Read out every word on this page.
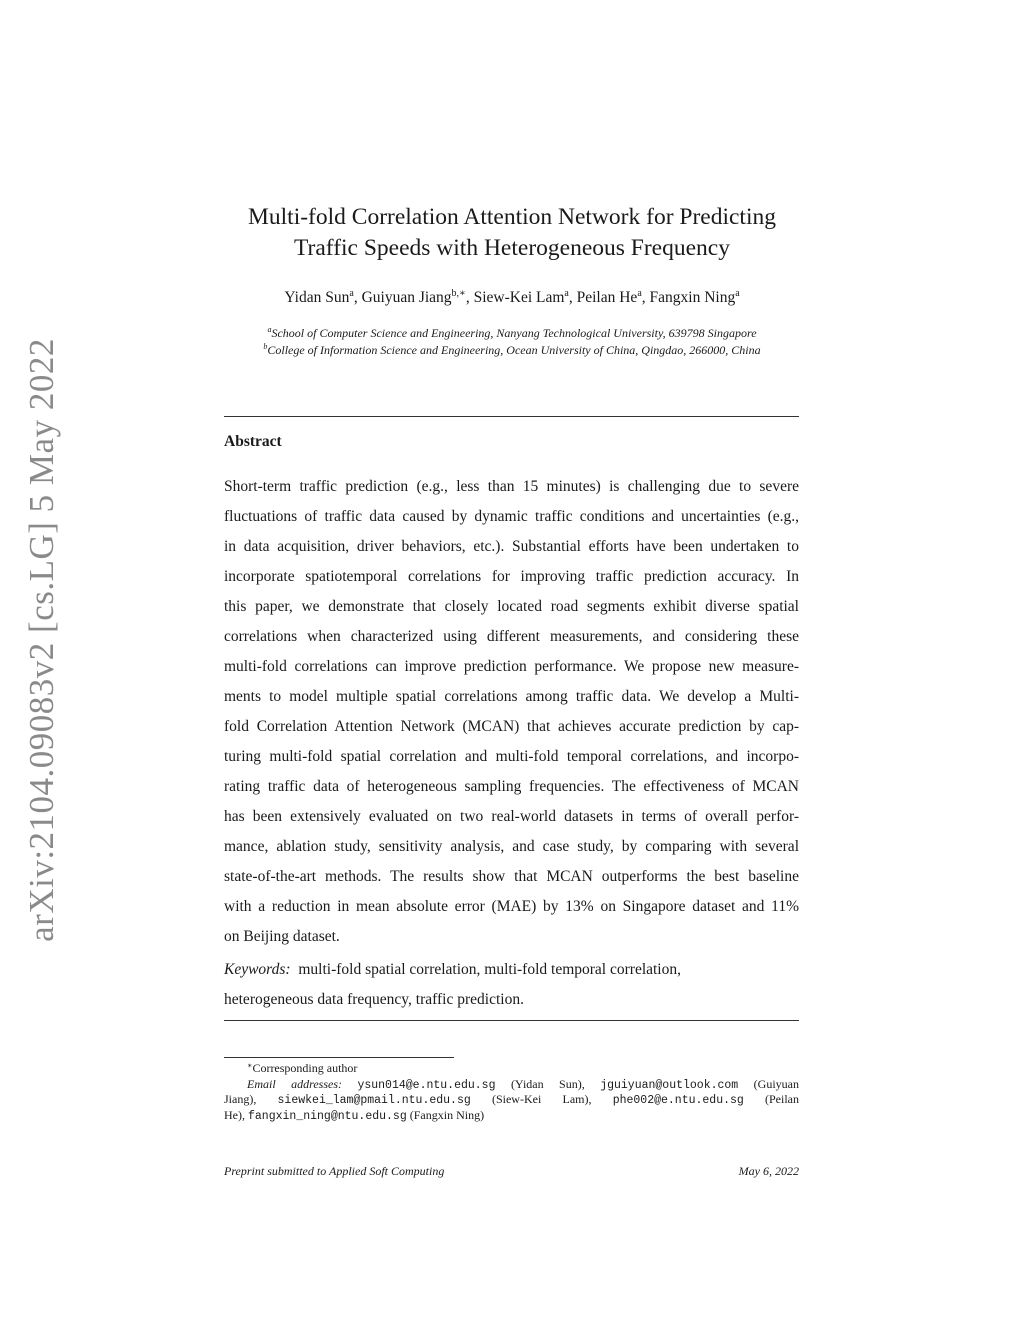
arXiv:2104.09083v2 [cs.LG] 5 May 2022
Multi-fold Correlation Attention Network for Predicting
Traffic Speeds with Heterogeneous Frequency
Yidan Sun$^a$, Guiyuan Jiang$^{b,∗}$, Siew-Kei Lam$^a$, Peilan He$^a$, Fangxin Ning$^a$
$^a$School of Computer Science and Engineering, Nanyang Technological University, 639798 Singapore
$^b$College of Information Science and Engineering, Ocean University of China, Qingdao, 266000, China
Abstract
Short-term traffic prediction (e.g., less than 15 minutes) is challenging due to severe
fluctuations of traffic data caused by dynamic traffic conditions and uncertainties (e.g.,
in data acquisition, driver behaviors, etc.). Substantial efforts have been undertaken to
incorporate spatiotemporal correlations for improving traffic prediction accuracy. In
this paper, we demonstrate that closely located road segments exhibit diverse spatial
correlations when characterized using different measurements, and considering these
multi-fold correlations can improve prediction performance. We propose new measure-
ments to model multiple spatial correlations among traffic data. We develop a Multi-
fold Correlation Attention Network (MCAN) that achieves accurate prediction by cap-
turing multi-fold spatial correlation and multi-fold temporal correlations, and incorpo-
rating traffic data of heterogeneous sampling frequencies. The effectiveness of MCAN
has been extensively evaluated on two real-world datasets in terms of overall perfor-
mance, ablation study, sensitivity analysis, and case study, by comparing with several
state-of-the-art methods. The results show that MCAN outperforms the best baseline
with a reduction in mean absolute error (MAE) by 13% on Singapore dataset and 11%
on Beijing dataset.
Keywords: multi-fold spatial correlation, multi-fold temporal correlation,
heterogeneous data frequency, traffic prediction.
∗Corresponding author
Email addresses: ysun014@e.ntu.edu.sg (Yidan Sun), jguiyuan@outlook.com (Guiyuan
Jiang), siewkei_lam@pmail.ntu.edu.sg (Siew-Kei Lam), phe002@e.ntu.edu.sg (Peilan
He), fangxin_ning@ntu.edu.sg (Fangxin Ning)
Preprint submitted to Applied Soft Computing	May 6, 2022
